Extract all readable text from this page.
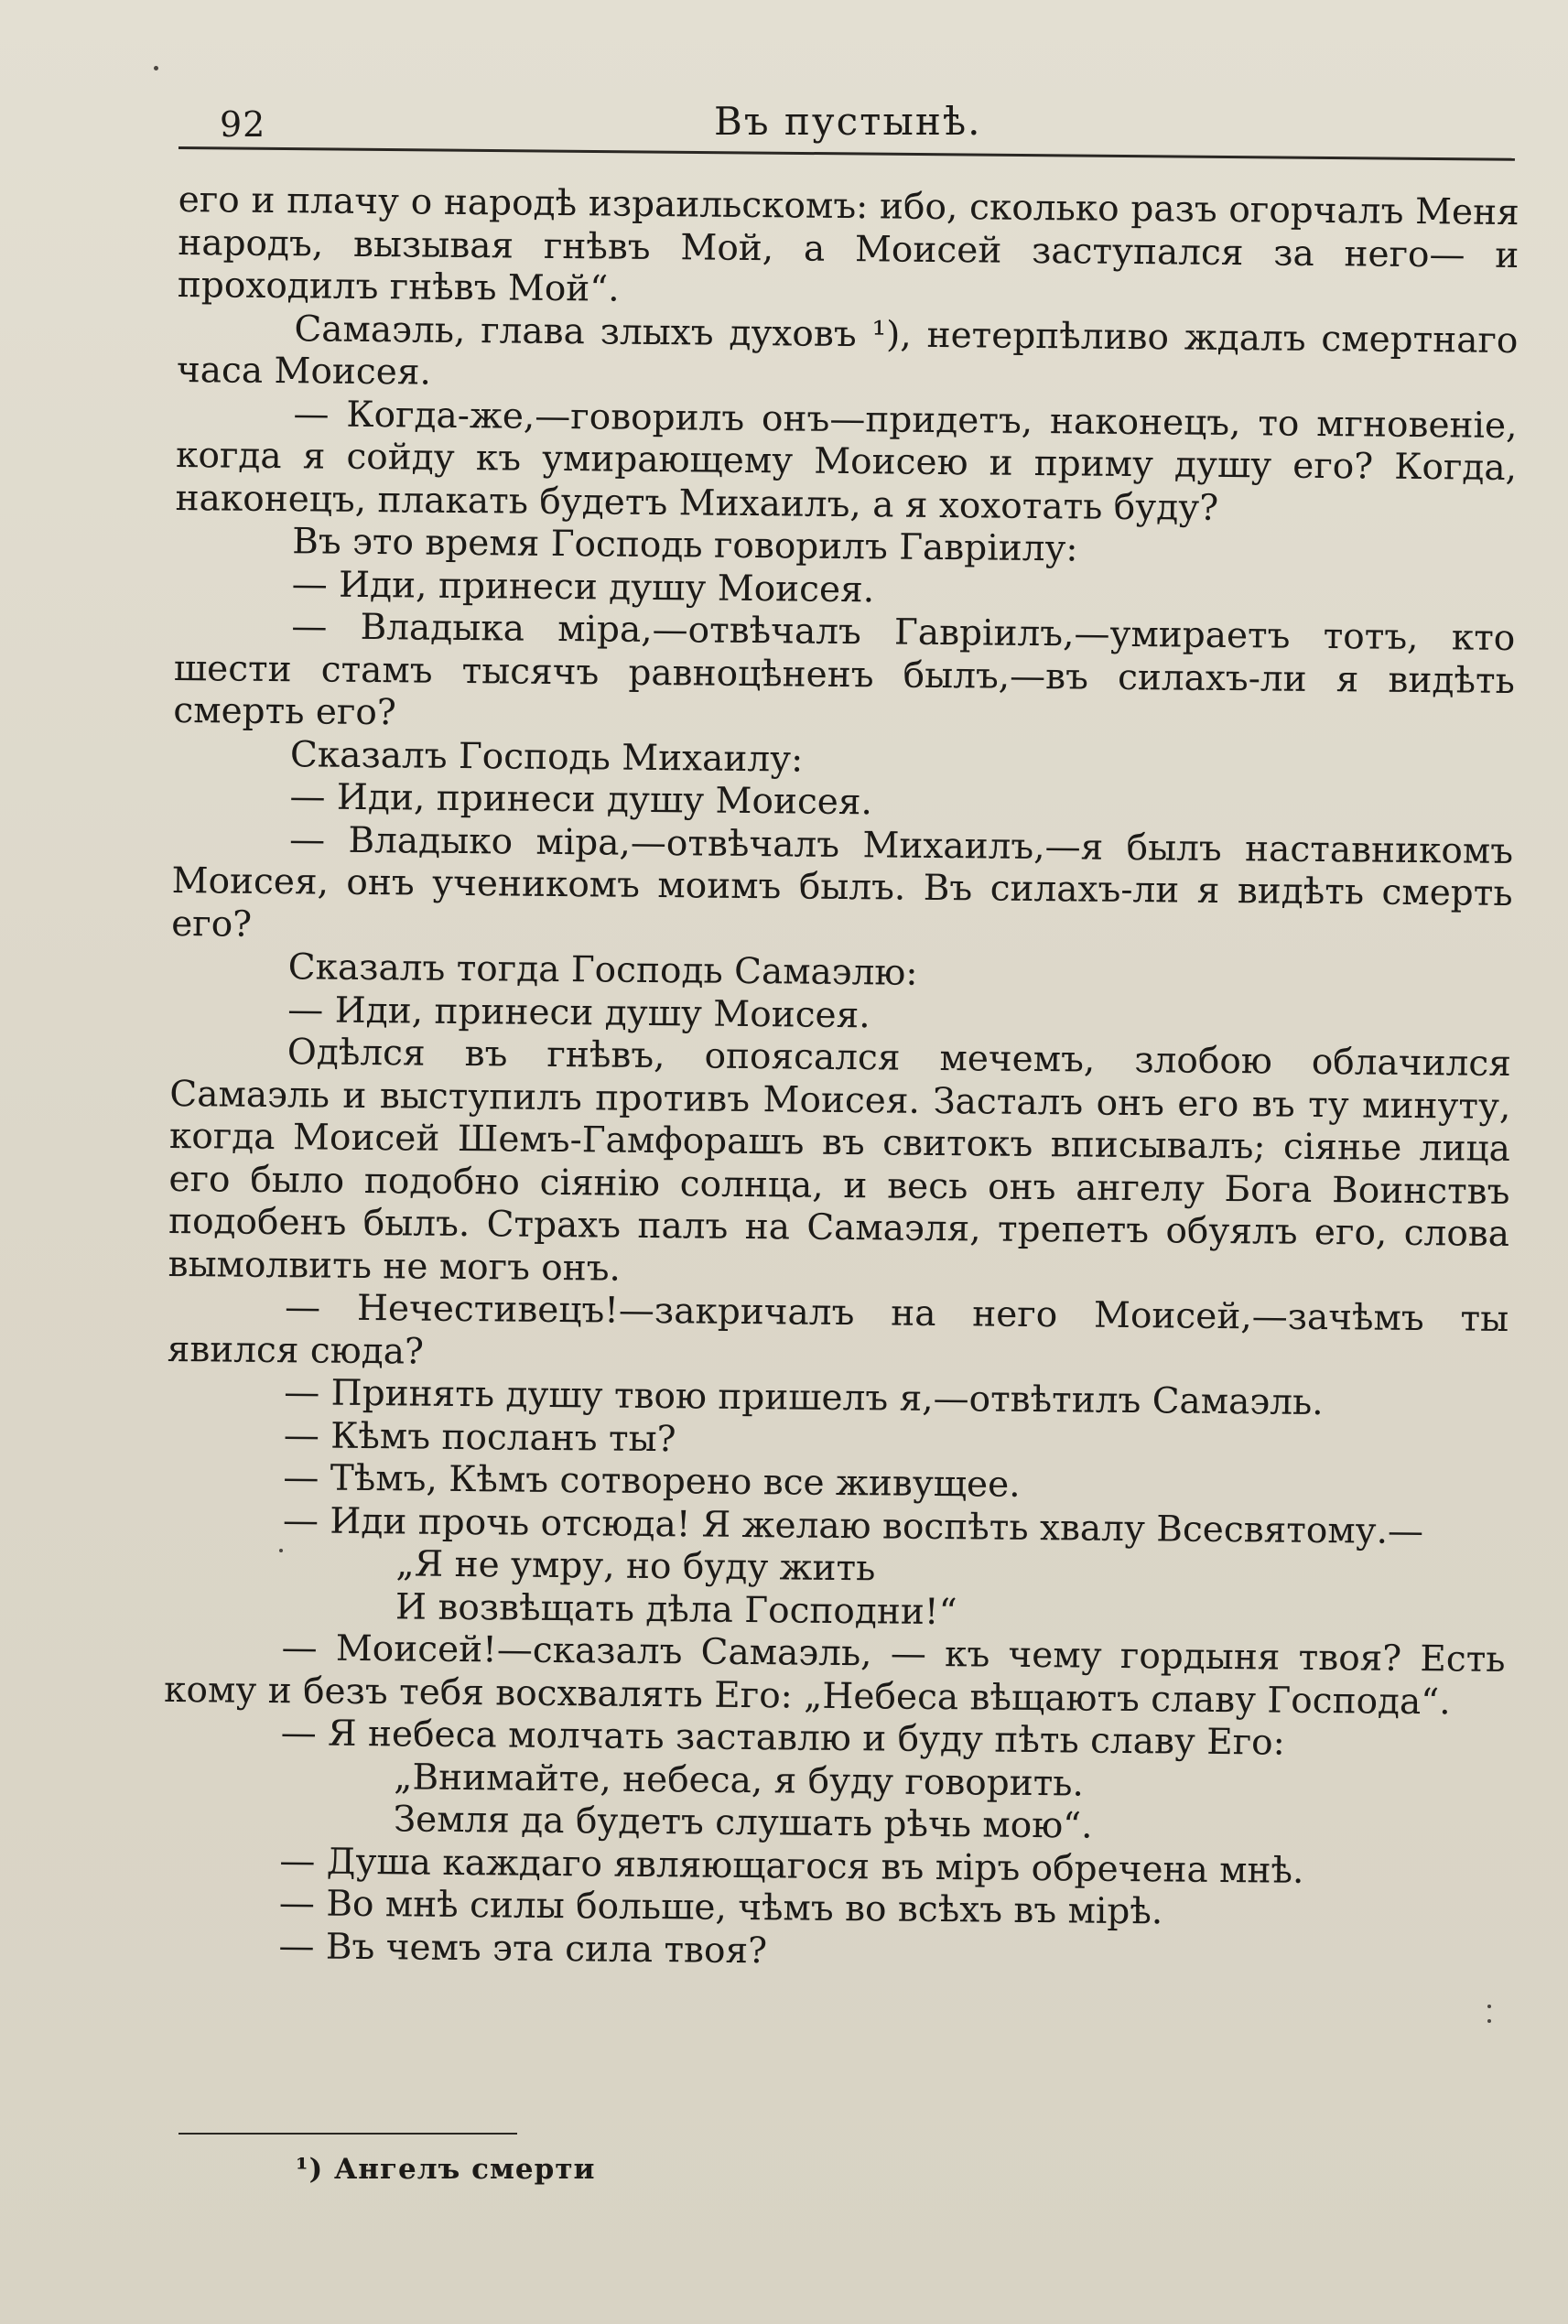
92	Въ пустынѣ.

его и плачу о народѣ израильскомъ: ибо, сколько разъ огорчалъ Меня народъ, вызывая гнѣвъ Мой, а Моисей заступался за него— и проходилъ гнѣвъ Мой“.

Самаэль, глава злыхъ духовъ ¹), нетерпѣливо ждалъ смертнаго часа Моисея.

— Когда-же,—говорилъ онъ—придетъ, наконецъ, то мгновеніе, когда я сойду къ умирающему Моисею и приму душу его? Когда, наконецъ, плакать будетъ Михаилъ, а я хохотать буду?

Въ это время Господь говорилъ Гавріилу:

— Иди, принеси душу Моисея.

— Владыка міра,—отвѣчалъ Гавріилъ,—умираетъ тотъ, кто шести стамъ тысячъ равноцѣненъ былъ,—въ силахъ-ли я видѣть смерть его?

Сказалъ Господь Михаилу:

— Иди, принеси душу Моисея.

— Владыко міра,—отвѣчалъ Михаилъ,—я былъ наставникомъ Моисея, онъ ученикомъ моимъ былъ. Въ силахъ-ли я видѣть смерть его?

Сказалъ тогда Господь Самаэлю:

— Иди, принеси душу Моисея.

Одѣлся въ гнѣвъ, опоясался мечемъ, злобою облачился Самаэль и выступилъ противъ Моисея. Засталъ онъ его въ ту минуту, когда Моисей Шемъ-Гамфорашъ въ свитокъ вписывалъ; сіянье лица его было подобно сіянію солнца, и весь онъ ангелу Бога Воинствъ подобенъ былъ. Страхъ палъ на Самаэля, трепетъ обуялъ его, слова вымолвить не могъ онъ.

— Нечестивецъ!—закричалъ на него Моисей,—зачѣмъ ты явился сюда?

— Принять душу твою пришелъ я,—отвѣтилъ Самаэль.

— Кѣмъ посланъ ты?

— Тѣмъ, Кѣмъ сотворено все живущее.

— Иди прочь отсюда! Я желаю воспѣть хвалу Всесвятому.—

„Я не умру, но буду жить

И возвѣщать дѣла Господни!“

— Моисей!—сказалъ Самаэль, — къ чему гордыня твоя? Есть кому и безъ тебя восхвалять Его: „Небеса вѣщаютъ славу Господа“.

— Я небеса молчать заставлю и буду пѣть славу Его:

„Внимайте, небеса, я буду говорить.

Земля да будетъ слушать рѣчь мою“.

— Душа каждаго являющагося въ міръ обречена мнѣ.

— Во мнѣ силы больше, чѣмъ во всѣхъ въ мірѣ.

— Въ чемъ эта сила твоя?

¹) Ангелъ смерти
